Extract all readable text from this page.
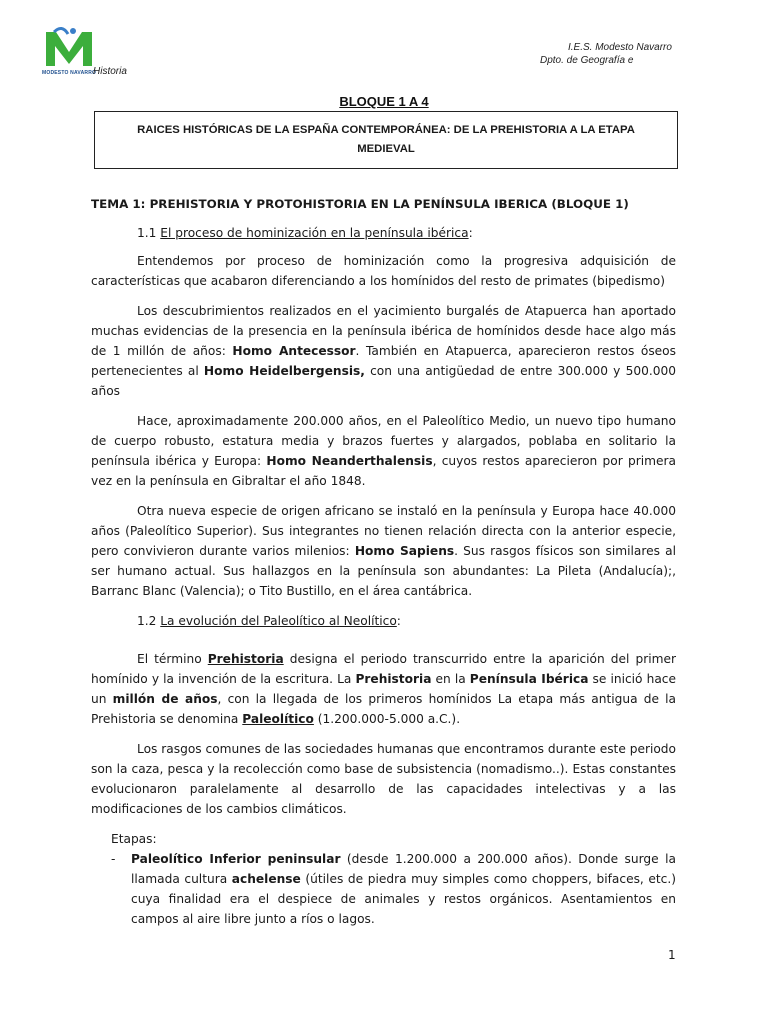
MODESTO NAVARRO
Historia
I.E.S. Modesto Navarro
Dpto. de Geografía e
BLOQUE 1 A 4
RAICES HISTÓRICAS DE LA ESPAÑA CONTEMPORÁNEA: DE LA PREHISTORIA A LA ETAPA MEDIEVAL
TEMA 1: PREHISTORIA Y PROTOHISTORIA EN LA PENÍNSULA IBERICA (BLOQUE 1)
1.1 El proceso de hominización en la península ibérica:

Entendemos por proceso de hominización como la progresiva adquisición de características que acabaron diferenciando a los homínidos del resto de primates (bipedismo)

Los descubrimientos realizados en el yacimiento burgalés de Atapuerca han aportado muchas evidencias de la presencia en la península ibérica de homínidos desde hace algo más de 1 millón de años: Homo Antecessor. También en Atapuerca, aparecieron restos óseos pertenecientes al Homo Heidelbergensis, con una antigüedad de entre 300.000 y 500.000 años

Hace, aproximadamente 200.000 años, en el Paleolítico Medio, un nuevo tipo humano de cuerpo robusto, estatura media y brazos fuertes y alargados, poblaba en solitario la península ibérica y Europa: Homo Neanderthalensis, cuyos restos aparecieron por primera vez en la península en Gibraltar el año 1848.

Otra nueva especie de origen africano se instaló en la península y Europa hace 40.000 años (Paleolítico Superior). Sus integrantes no tienen relación directa con la anterior especie, pero convivieron durante varios milenios: Homo Sapiens. Sus rasgos físicos son similares al ser humano actual. Sus hallazgos en la península son abundantes: La Pileta (Andalucía);, Barranc Blanc (Valencia); o Tito Bustillo, en el área cantábrica.

1.2 La evolución del Paleolítico al Neolítico:

El término Prehistoria designa el periodo transcurrido entre la aparición del primer homínido y la invención de la escritura. La Prehistoria en la Península Ibérica se inició hace un millón de años, con la llegada de los primeros homínidos La etapa más antigua de la Prehistoria se denomina Paleolítico (1.200.000-5.000 a.C.).

Los rasgos comunes de las sociedades humanas que encontramos durante este periodo son la caza, pesca y la recolección como base de subsistencia (nomadismo..). Estas constantes evolucionaron paralelamente al desarrollo de las capacidades intelectivas y a las modificaciones de los cambios climáticos.

Etapas:
- Paleolítico Inferior peninsular (desde 1.200.000 a 200.000 años). Donde surge la llamada cultura achelense (útiles de piedra muy simples como choppers, bifaces, etc.) cuya finalidad era el despiece de animales y restos orgánicos. Asentamientos en campos al aire libre junto a ríos o lagos.
1
